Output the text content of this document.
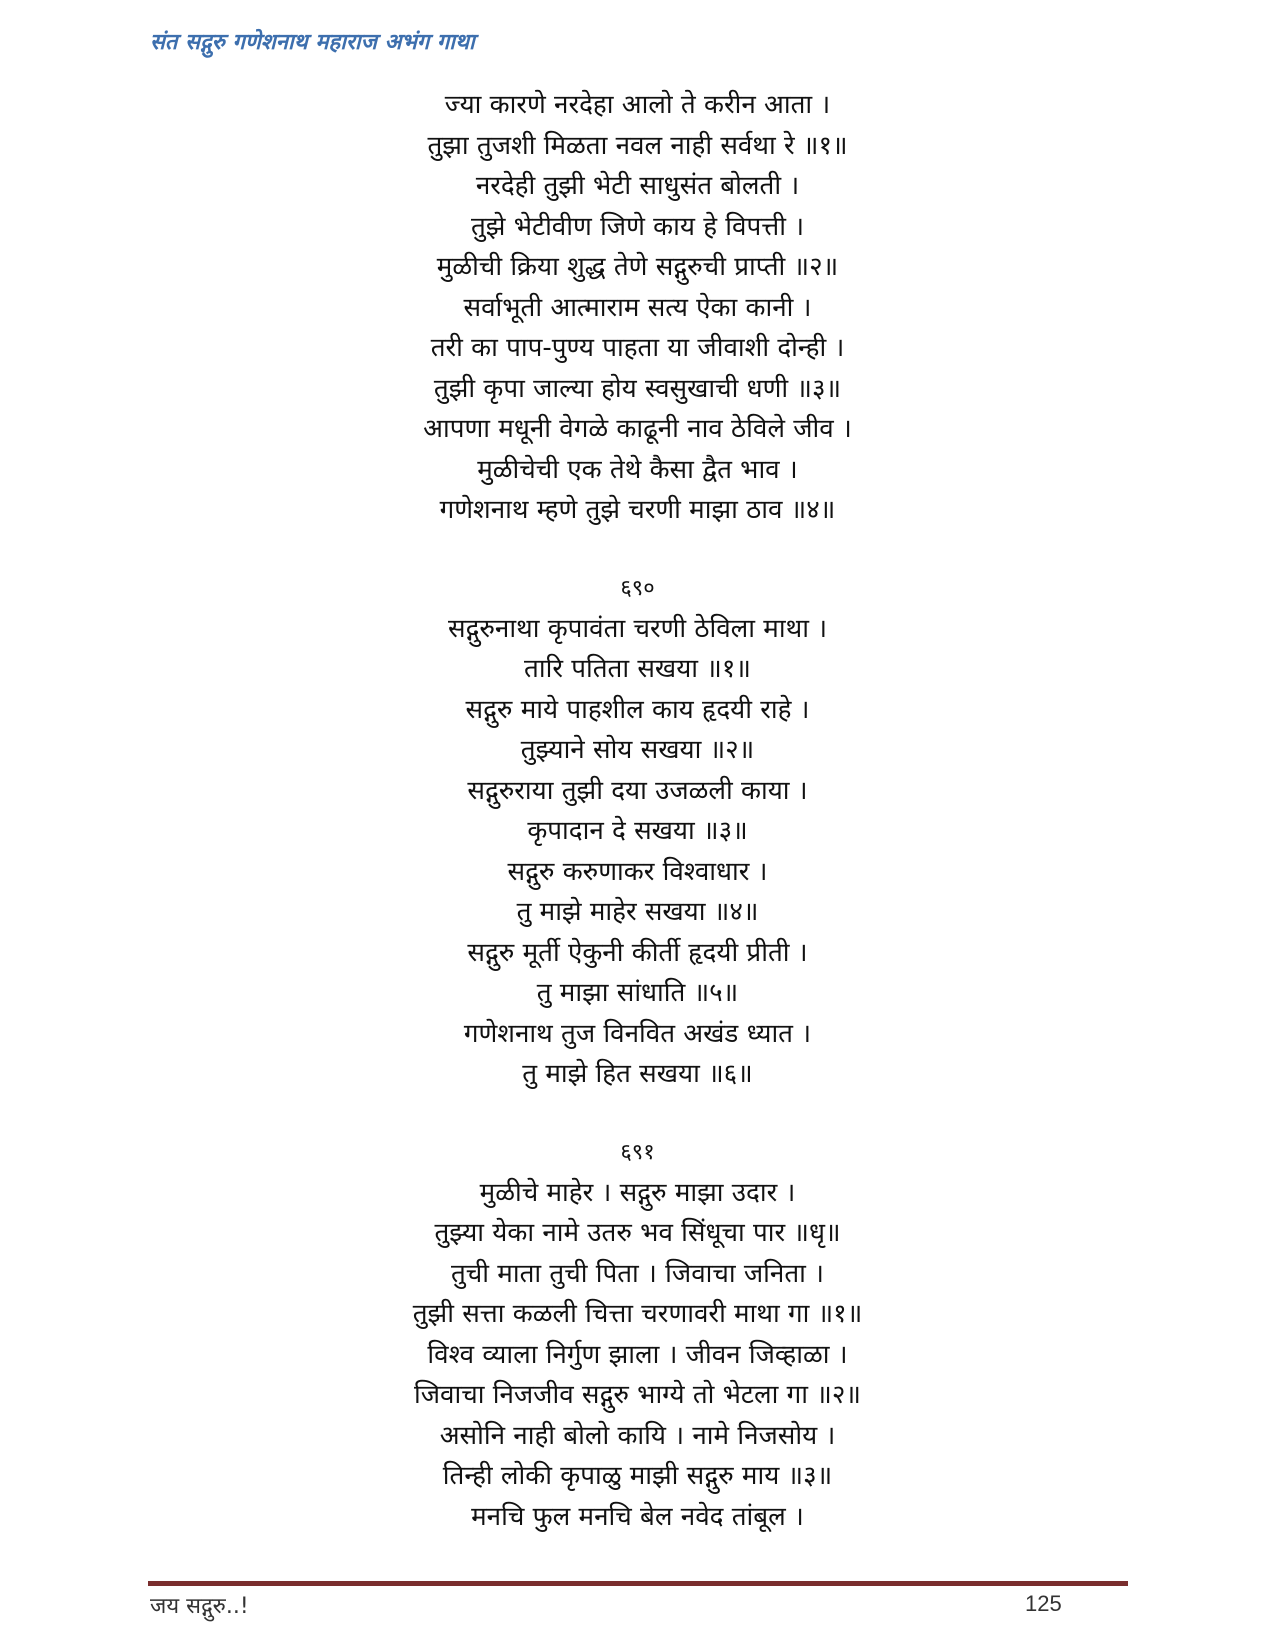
संत सद्गुरु गणेशनाथ महाराज अभंग गाथा
ज्या कारणे नरदेहा आलो ते करीन आता ।
तुझा तुजशी मिळता नवल नाही सर्वथा रे ॥१॥
नरदेही तुझी भेटी साधुसंत बोलती ।
तुझे भेटीवीण जिणे काय हे विपत्ती ।
मुळीची क्रिया शुद्ध तेणे सद्गुरुची प्राप्ती ॥२॥
सर्वाभूती आत्माराम सत्य ऐका कानी ।
तरी का पाप-पुण्य पाहता या जीवाशी दोन्ही ।
तुझी कृपा जाल्या होय स्वसुखाची धणी ॥३॥
आपणा मधूनी वेगळे काढूनी नाव ठेविले जीव ।
मुळीचेची एक तेथे कैसा द्वैत भाव ।
गणेशनाथ म्हणे तुझे चरणी माझा ठाव ॥४॥
६९०
सद्गुरुनाथा कृपावंता चरणी ठेविला माथा ।
तारि पतिता सखया ॥१॥
सद्गुरु माये पाहशील काय हृदयी राहे ।
तुझ्याने सोय सखया ॥२॥
सद्गुरुराया तुझी दया उजळली काया ।
कृपादान दे सखया ॥३॥
सद्गुरु करुणाकर विश्वाधार ।
तु माझे माहेर सखया ॥४॥
सद्गुरु मूर्ती ऐकुनी कीर्ती हृदयी प्रीती ।
तु माझा सांधाति ॥५॥
गणेशनाथ तुज विनवित अखंड ध्यात ।
तु माझे हित सखया ॥६॥
६९१
मुळीचे माहेर । सद्गुरु माझा उदार ।
तुझ्या येका नामे उतरु भव सिंधूचा पार ॥धृ॥
तुची माता तुची पिता । जिवाचा जनिता ।
तुझी सत्ता कळली चित्ता चरणावरी माथा गा ॥१॥
विश्व व्याला निर्गुण झाला । जीवन जिव्हाळा ।
जिवाचा निजजीव सद्गुरु भाग्ये तो भेटला गा ॥२॥
असोनि नाही बोलो कायि । नामे निजसोय ।
तिन्ही लोकी कृपाळु माझी सद्गुरु माय ॥३॥
मनचि फुल मनचि बेल नवेद तांबूल ।
जय सद्गुरु..!	125
